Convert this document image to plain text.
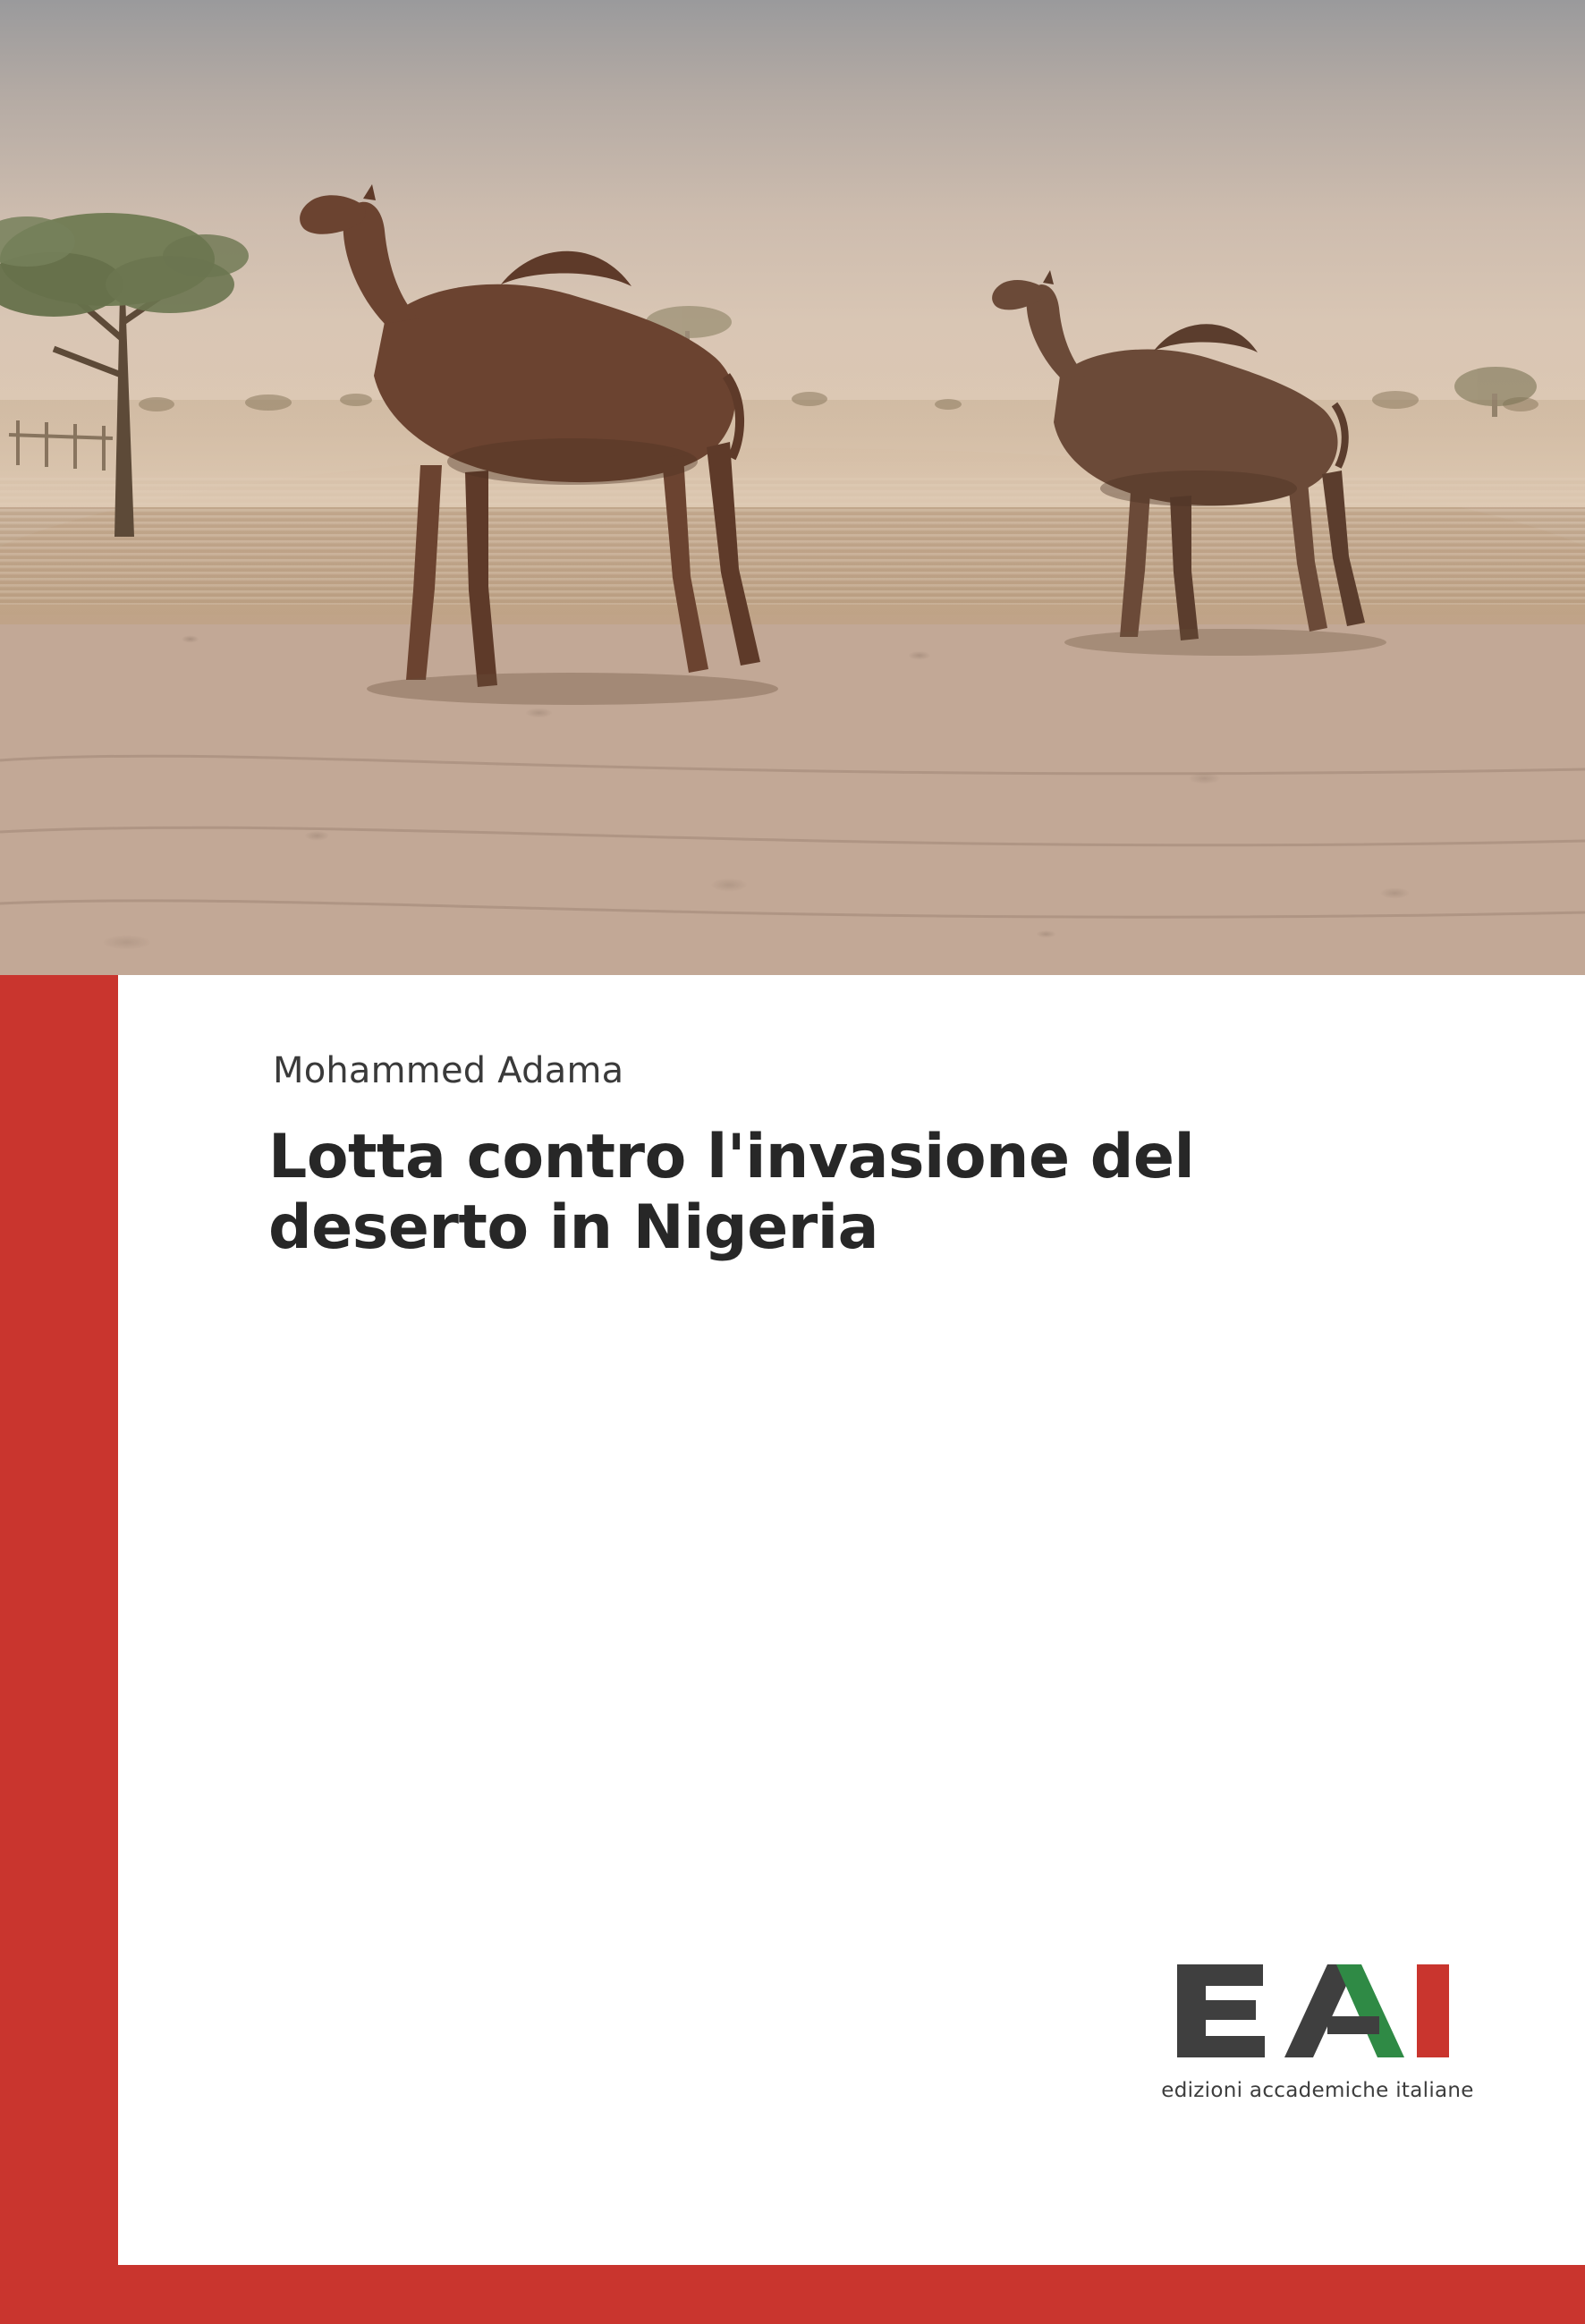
Mohammed Adama
Lotta contro l'invasione del deserto in Nigeria
edizioni accademiche italiane
